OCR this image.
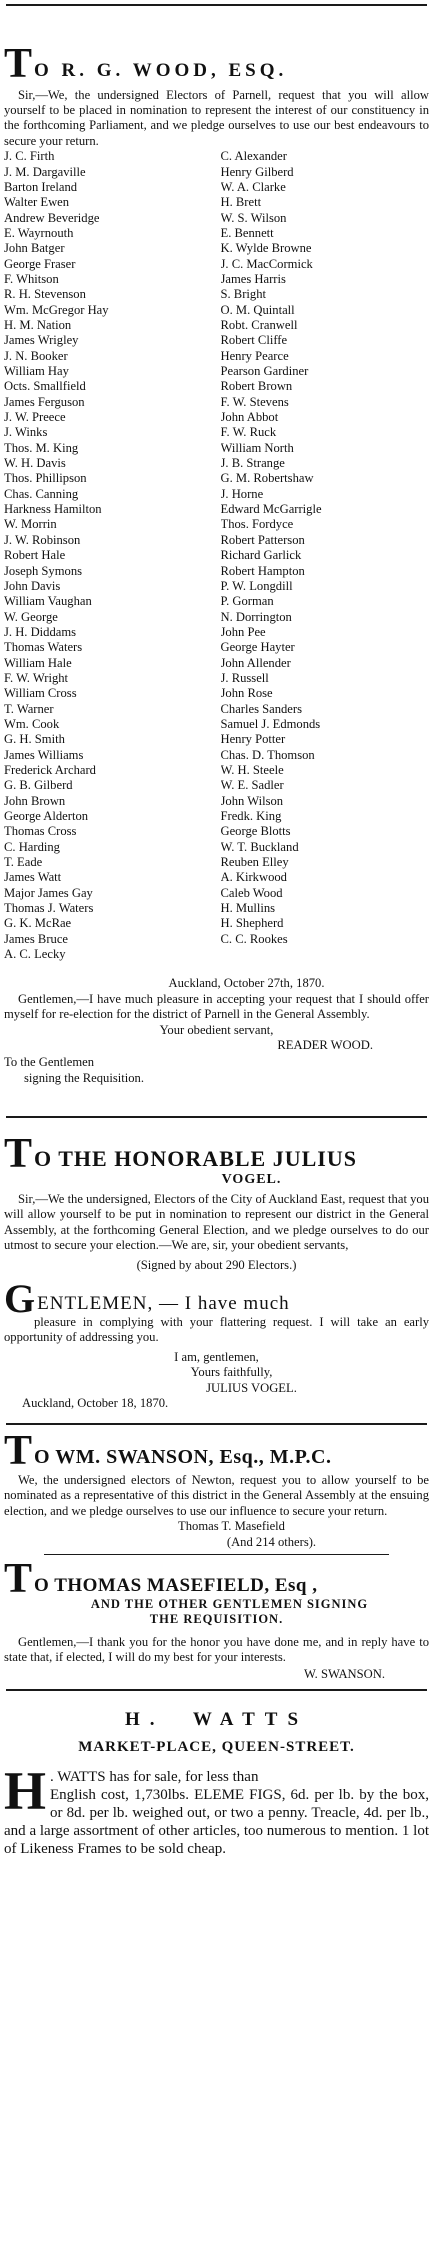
T O R. G. WOOD, ESQ.

Sir,—We, the undersigned Electors of Parnell, request that you will allow yourself to be placed in nomination to represent the interest of our constituency in the forthcoming Parliament, and we pledge ourselves to use our best endeavours to secure your return.

J. C. Firth
J. M. Dargaville
Barton Ireland
Walter Ewen
Andrew Beveridge
E. Wayrnouth
John Batger
George Fraser
F. Whitson
R. H. Stevenson
Wm. McGregor Hay
H. M. Nation
James Wrigley
J. N. Booker
William Hay
Octs. Smallfield
James Ferguson
J. W. Preece
J. Winks
Thos. M. King
W. H. Davis
Thos. Phillipson
Chas. Canning
Harkness Hamilton
W. Morrin
J. W. Robinson
Robert Hale
Joseph Symons
John Davis
William Vaughan
W. George
J. H. Diddams
Thomas Waters
William Hale
F. W. Wright
William Cross
T. Warner
Wm. Cook
G. H. Smith
James Williams
Frederick Archard
G. B. Gilberd
John Brown
George Alderton
Thomas Cross
C. Harding
T. Eade
James Watt
Major James Gay
Thomas J. Waters
G. K. McRae
James Bruce
A. C. Lecky
C. Alexander
Henry Gilberd
W. A. Clarke
H. Brett
W. S. Wilson
E. Bennett
K. Wylde Browne
J. C. MacCormick
James Harris
S. Bright
O. M. Quintall
Robt. Cranwell
Robert Cliffe
Henry Pearce
Pearson Gardiner
Robert Brown
F. W. Stevens
John Abbot
F. W. Ruck
William North
J. B. Strange
G. M. Robertshaw
J. Horne
Edward McGarrigle
Thos. Fordyce
Robert Patterson
Richard Garlick
Robert Hampton
P. W. Longdill
P. Gorman
N. Dorrington
John Pee
George Hayter
John Allender
J. Russell
John Rose
Charles Sanders
Samuel J. Edmonds
Henry Potter
Chas. D. Thomson
W. H. Steele
W. E. Sadler
John Wilson
Fredk. King
George Blotts
W. T. Buckland
Reuben Elley
A. Kirkwood
Caleb Wood
H. Mullins
H. Shepherd
C. C. Rookes
Auckland, October 27th, 1870.

Gentlemen,—I have much pleasure in accepting your request that I should offer myself for re-election for the district of Parnell in the General Assembly.

Your obedient servant,
READER WOOD.
To the Gentlemen
signing the Requisition.
T O THE HONORABLE JULIUS
VOGEL.

Sir,—We the undersigned, Electors of the City of Auckland East, request that you will allow yourself to be put in nomination to represent our district in the General Assembly, at the forthcoming General Election, and we pledge ourselves to do our utmost to secure your election.—We are, sir, your obedient servants,

(Signed by about 290 Electors.)
G ENTLEMEN, — I have much

pleasure in complying with your flattering request. I will take an early opportunity of addressing you.

I am, gentlemen,
Yours faithfully,
JULIUS VOGEL.
Auckland, October 18, 1870.
T O WM. SWANSON, Esq., M.P.C.

We, the undersigned electors of Newton, request you to allow yourself to be nominated as a representative of this district in the General Assembly at the ensuing election, and we pledge ourselves to use our influence to secure your return.

Thomas T. Masefield
(And 214 others).
T O THOMAS MASEFIELD, Esq ,
AND THE OTHER GENTLEMEN SIGNING
THE REQUISITION.

Gentlemen,—I thank you for the honor you have done me, and in reply have to state that, if elected, I will do my best for your interests.

W. SWANSON.
H. WATTS
MARKET-PLACE, QUEEN-STREET.
H . WATTS has for sale, for less than
English cost, 1,730lbs. ELEME FIGS, 6d. per lb. by the box, or 8d. per lb. weighed out, or two a penny. Treacle, 4d. per lb., and a large assortment of other articles, too numerous to mention. 1 lot of Likeness Frames to be sold cheap.
